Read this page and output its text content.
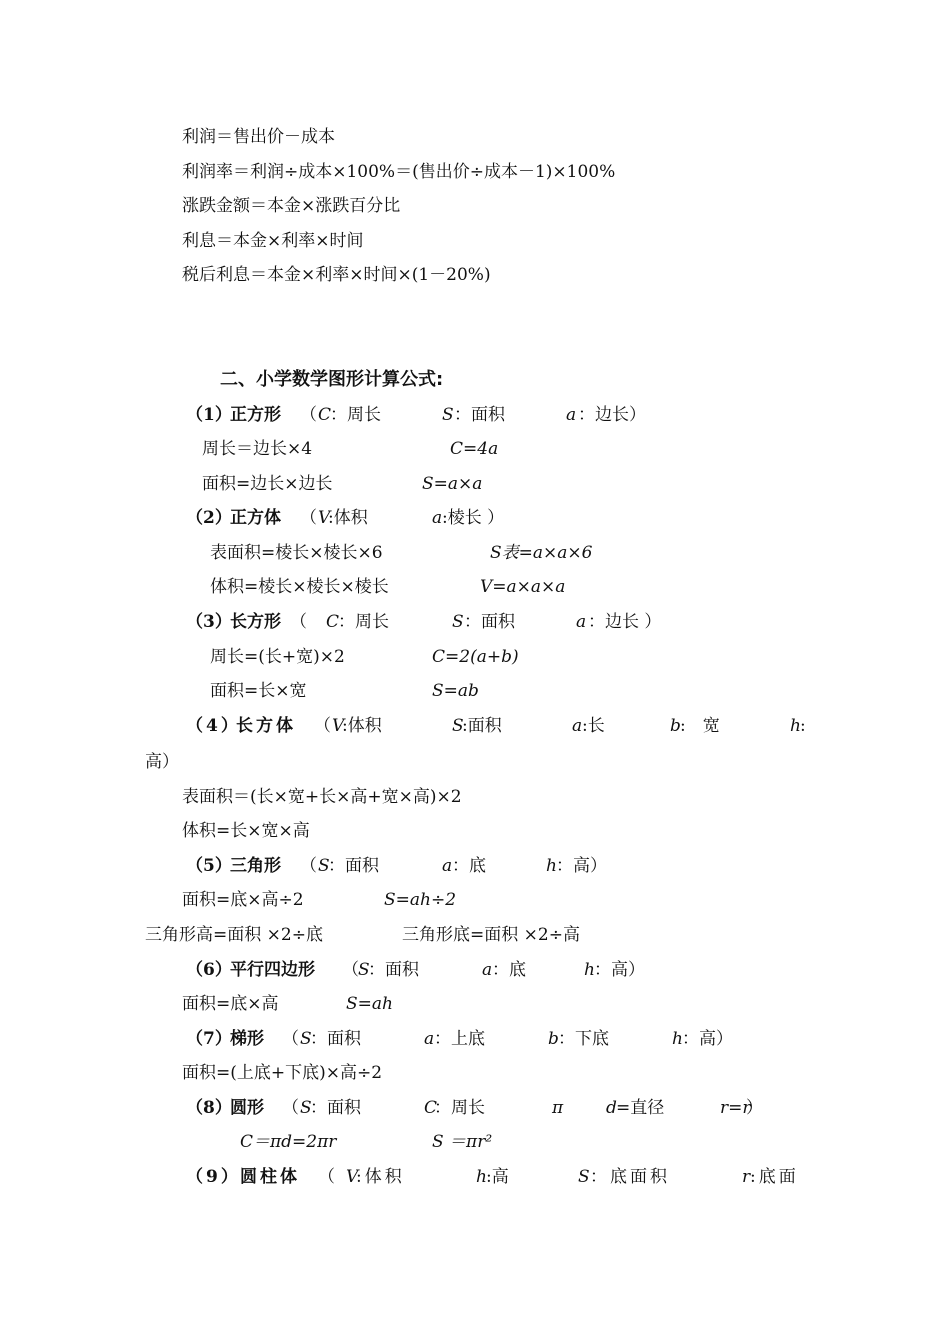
利润＝售出价－成本
利润率＝利润÷成本×100%＝(售出价÷成本－1)×100%
涨跌金额＝本金×涨跌百分比
利息＝本金×利率×时间
税后利息＝本金×利率×时间×(1－20%)
二、小学数学图形计算公式:
（1）
正方形 （ C
：周长	S ：面积	a ：边长）
周长＝边长×4	C=4a
面积=边长×边长	S=a×a
（2）
正方体 （ V
:体积	a :棱长 ）
表面积=棱长×棱长×6	S表=a×a×6
体积=棱长×棱长×棱长	V=a×a×a
（3）
长方形 （ C
：周长	S ：面积	a ：边长 ）
周长=(长+宽)×2	C=2(a+b)
面积=长×宽	S=ab
（4）
长方体 （ V
:体积	S
:面积	a :长	b :　宽	h :
高）
表面积＝(长×宽+长×高+宽×高)×2
体积=长×宽×高
（5）
三角形 （ S
：面积	a ：底	h ：高）
面积=底×高÷2	S=ah÷2
三角形高=面积 ×2÷底	三角形底=面积 ×2÷高
（6）
平行四边形 （ S
：面积	a ：底	h ：高）
面积=底×高	S=ah
（7）
梯形 （ S
：面积	a ：上底	b ：下底	h ：高）
面积=(上底+下底)×高÷2
（8）
圆形 （ S
：面积	C
：周长	π	d =直径	r=r
）
C＝πd=2πr	S ＝πr²
（9） 圆柱体 （ V
:体积	h :高	S ：底面积	r :底面
